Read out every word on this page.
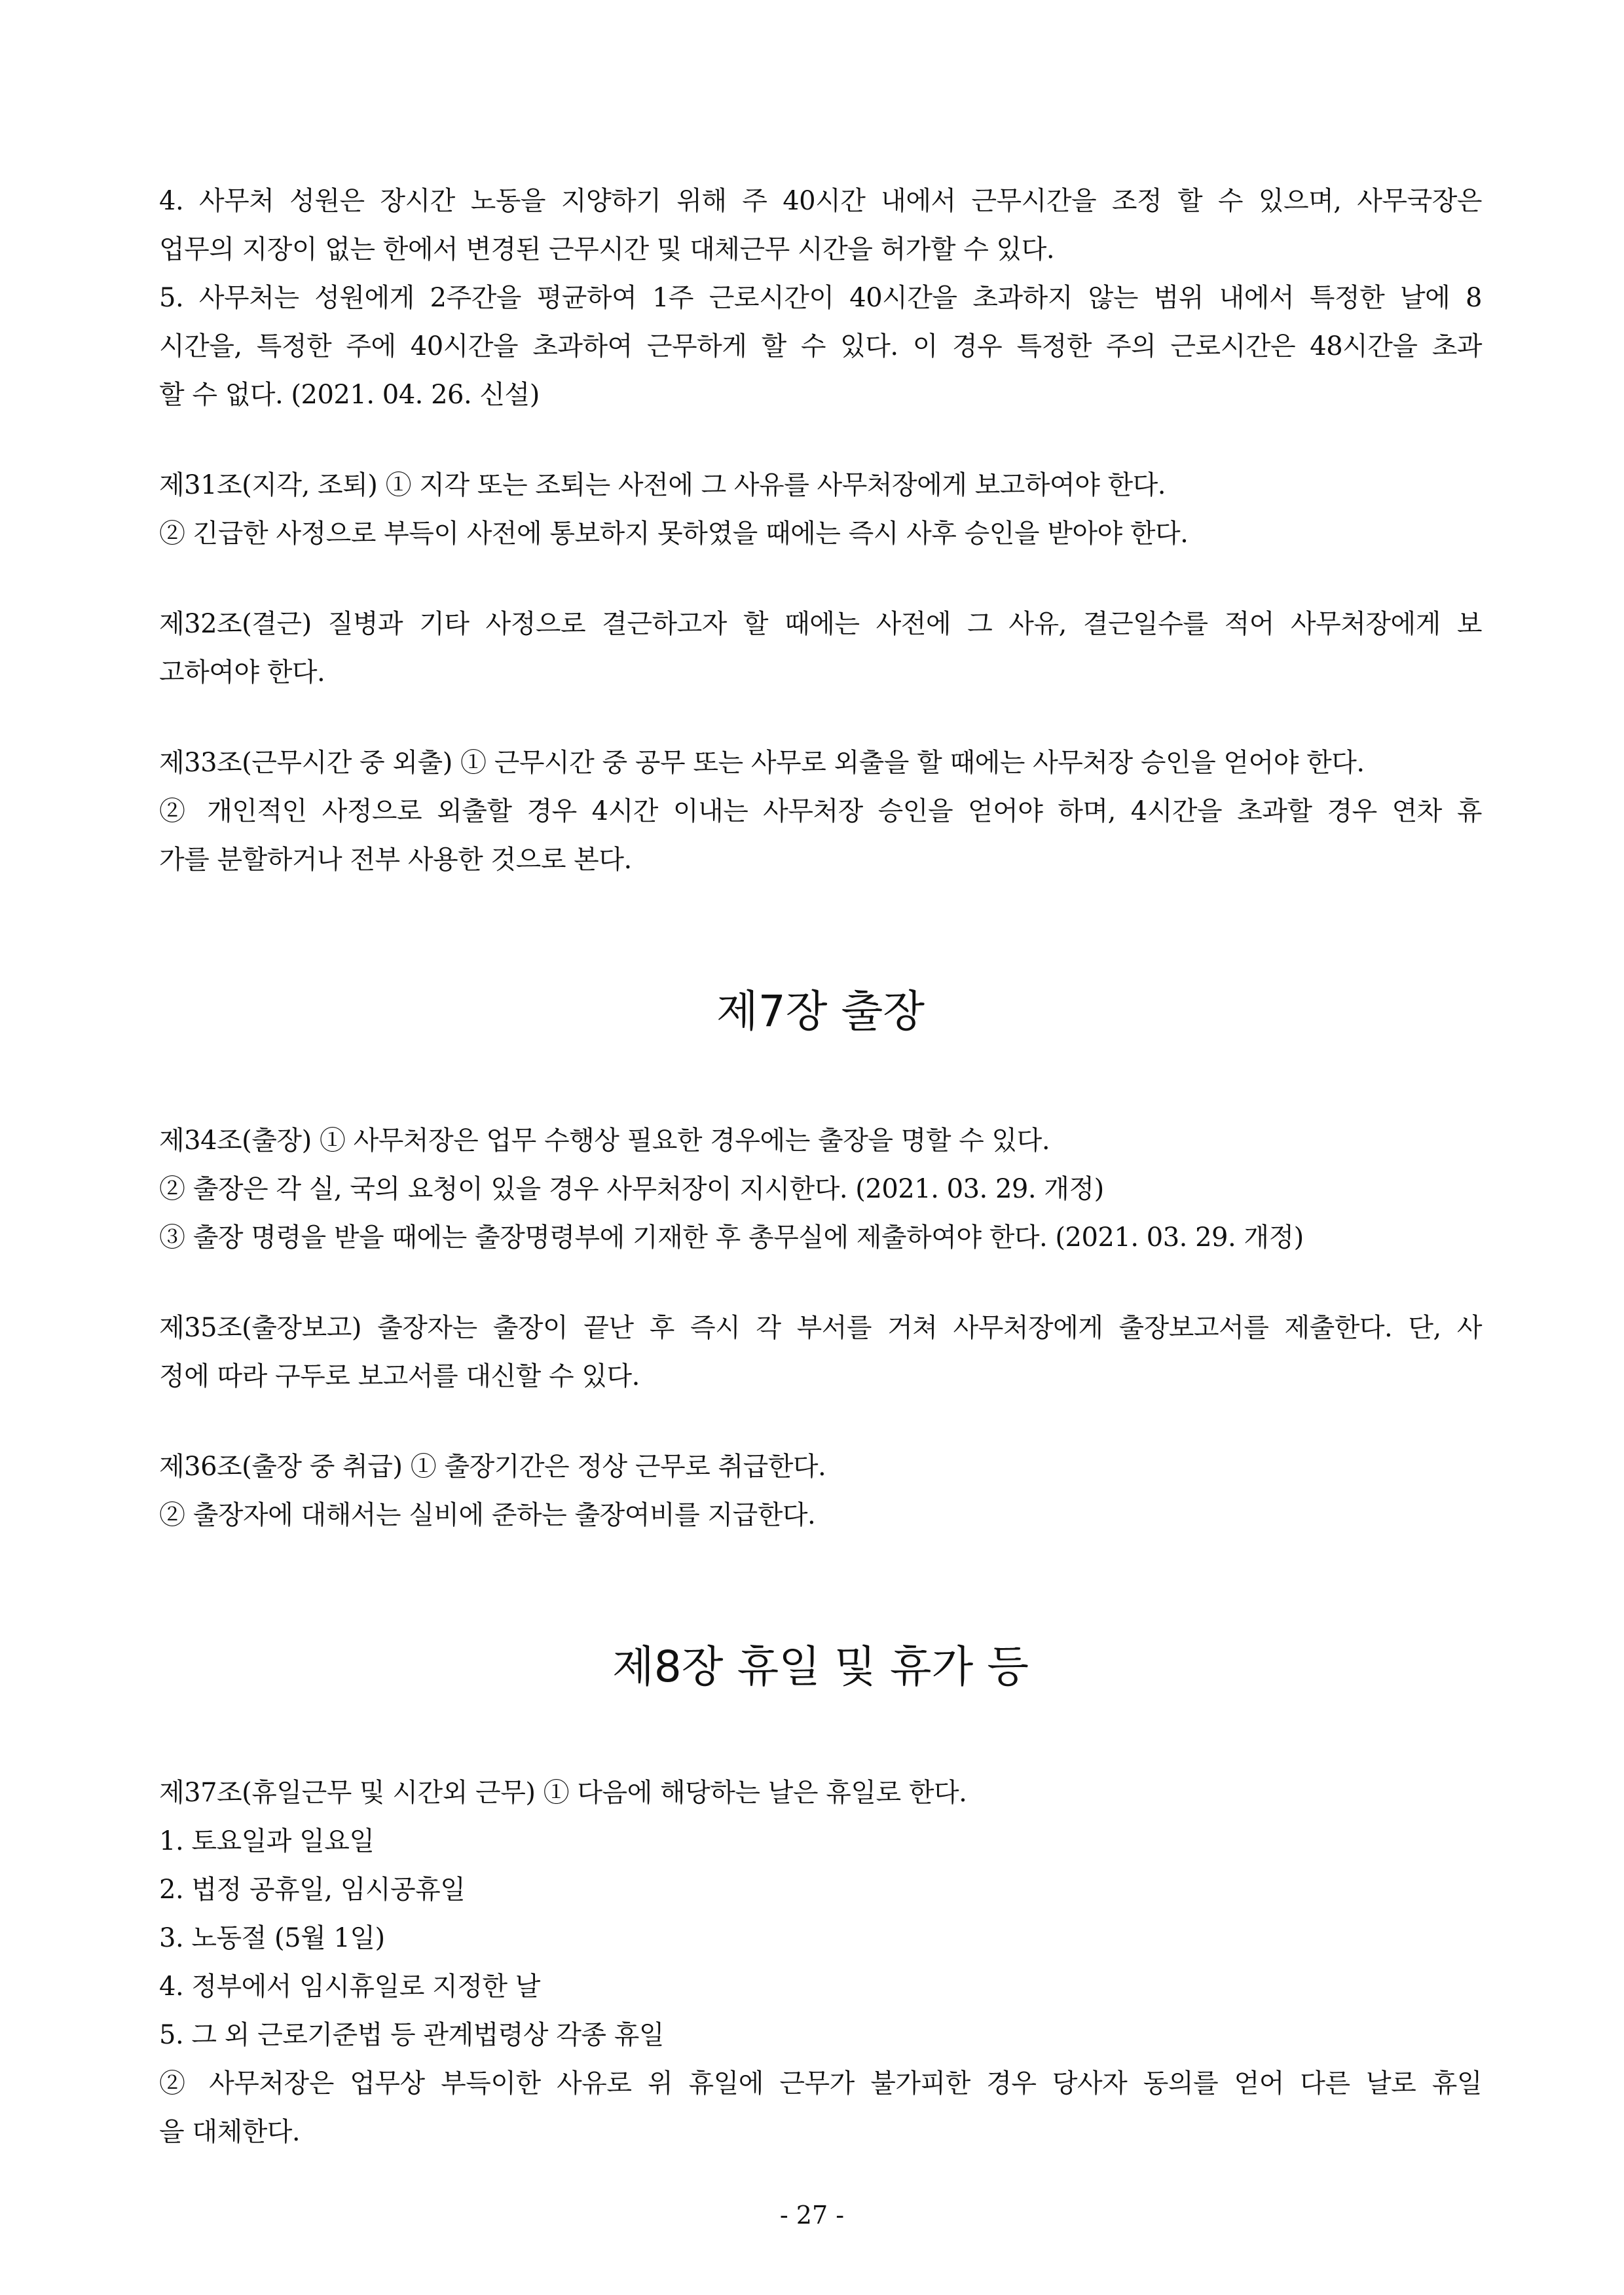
4. 사무처 성원은 장시간 노동을 지양하기 위해 주 40시간 내에서 근무시간을 조정 할 수 있으며, 사무국장은
업무의 지장이 없는 한에서 변경된 근무시간 및 대체근무 시간을 허가할 수 있다.
5. 사무처는 성원에게 2주간을 평균하여 1주 근로시간이 40시간을 초과하지 않는 범위 내에서 특정한 날에 8
시간을, 특정한 주에 40시간을 초과하여 근무하게 할 수 있다. 이 경우 특정한 주의 근로시간은 48시간을 초과
할 수 없다. (2021. 04. 26. 신설)
제31조(지각, 조퇴) ① 지각 또는 조퇴는 사전에 그 사유를 사무처장에게 보고하여야 한다.
② 긴급한 사정으로 부득이 사전에 통보하지 못하였을 때에는 즉시 사후 승인을 받아야 한다.
제32조(결근) 질병과 기타 사정으로 결근하고자 할 때에는 사전에 그 사유, 결근일수를 적어 사무처장에게 보
고하여야 한다.
제33조(근무시간 중 외출) ① 근무시간 중 공무 또는 사무로 외출을 할 때에는 사무처장 승인을 얻어야 한다.
② 개인적인 사정으로 외출할 경우 4시간 이내는 사무처장 승인을 얻어야 하며, 4시간을 초과할 경우 연차 휴
가를 분할하거나 전부 사용한 것으로 본다.
제7장 출장
제34조(출장) ① 사무처장은 업무 수행상 필요한 경우에는 출장을 명할 수 있다.
② 출장은 각 실, 국의 요청이 있을 경우 사무처장이 지시한다. (2021. 03. 29. 개정)
③ 출장 명령을 받을 때에는 출장명령부에 기재한 후 총무실에 제출하여야 한다. (2021. 03. 29. 개정)
제35조(출장보고) 출장자는 출장이 끝난 후 즉시 각 부서를 거쳐 사무처장에게 출장보고서를 제출한다. 단, 사
정에 따라 구두로 보고서를 대신할 수 있다.
제36조(출장 중 취급) ① 출장기간은 정상 근무로 취급한다.
② 출장자에 대해서는 실비에 준하는 출장여비를 지급한다.
제8장 휴일 및 휴가 등
제37조(휴일근무 및 시간외 근무) ① 다음에 해당하는 날은 휴일로 한다.
1. 토요일과 일요일
2. 법정 공휴일, 임시공휴일
3. 노동절 (5월 1일)
4. 정부에서 임시휴일로 지정한 날
5. 그 외 근로기준법 등 관계법령상 각종 휴일
② 사무처장은 업무상 부득이한 사유로 위 휴일에 근무가 불가피한 경우 당사자 동의를 얻어 다른 날로 휴일
을 대체한다.
- 27 -
